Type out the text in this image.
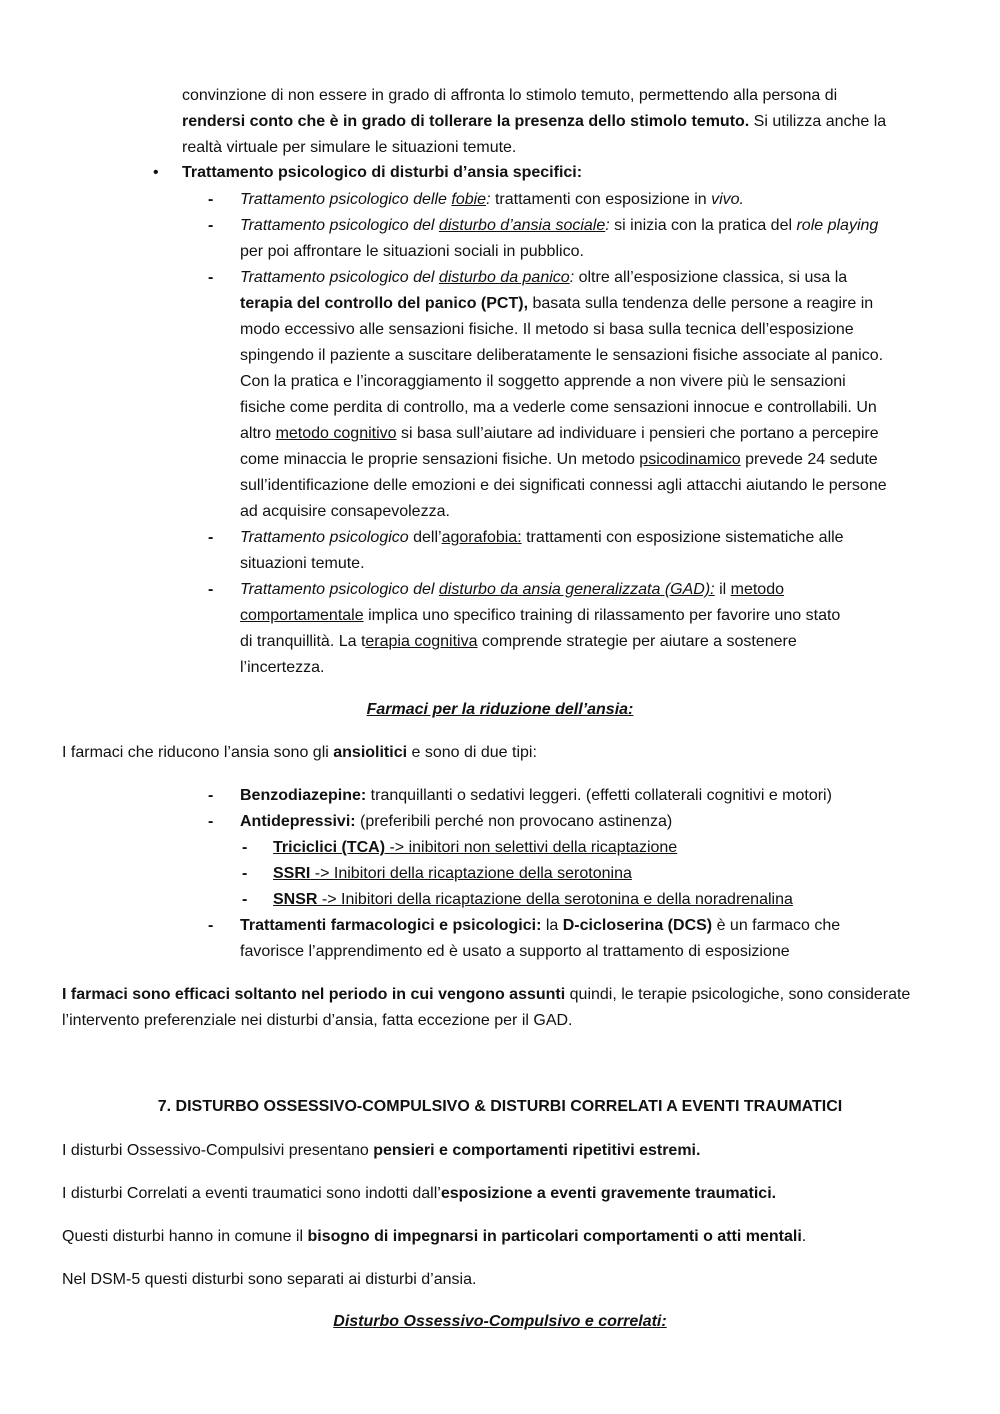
convinzione di non essere in grado di affronta lo stimolo temuto, permettendo alla persona di
rendersi conto che è in grado di tollerare la presenza dello stimolo temuto. Si utilizza anche la
realtà virtuale per simulare le situazioni temute.
• Trattamento psicologico di disturbi d’ansia specifici:
- Trattamento psicologico delle fobie: trattamenti con esposizione in vivo.
- Trattamento psicologico del disturbo d’ansia sociale: si inizia con la pratica del role playing
per poi affrontare le situazioni sociali in pubblico.
- Trattamento psicologico del disturbo da panico: oltre all’esposizione classica, si usa la
terapia del controllo del panico (PCT), basata sulla tendenza delle persone a reagire in
modo eccessivo alle sensazioni fisiche. Il metodo si basa sulla tecnica dell’esposizione
spingendo il paziente a suscitare deliberatamente le sensazioni fisiche associate al panico.
Con la pratica e l’incoraggiamento il soggetto apprende a non vivere più le sensazioni
fisiche come perdita di controllo, ma a vederle come sensazioni innocue e controllabili. Un
altro metodo cognitivo si basa sull’aiutare ad individuare i pensieri che portano a percepire
come minaccia le proprie sensazioni fisiche. Un metodo psicodinamico prevede 24 sedute
sull’identificazione delle emozioni e dei significati connessi agli attacchi aiutando le persone
ad acquisire consapevolezza.
- Trattamento psicologico dell’agorafobia: trattamenti con esposizione sistematiche alle
situazioni temute.
- Trattamento psicologico del disturbo da ansia generalizzata (GAD): il metodo
comportamentale implica uno specifico training di rilassamento per favorire uno stato
di tranquillità. La terapia cognitiva comprende strategie per aiutare a sostenere
l’incertezza.
Farmaci per la riduzione dell’ansia:
I farmaci che riducono l’ansia sono gli ansiolitici e sono di due tipi:
- Benzodiazepine: tranquillanti o sedativi leggeri. (effetti collaterali cognitivi e motori)
- Antidepressivi: (preferibili perché non provocano astinenza)
- Triciclici (TCA) -> inibitori non selettivi della ricaptazione
- SSRI -> Inibitori della ricaptazione della serotonina
- SNSR -> Inibitori della ricaptazione della serotonina e della noradrenalina
- Trattamenti farmacologici e psicologici: la D-cicloserina (DCS) è un farmaco che
favorisce l’apprendimento ed è usato a supporto al trattamento di esposizione
I farmaci sono efficaci soltanto nel periodo in cui vengono assunti quindi, le terapie psicologiche, sono considerate
l’intervento preferenziale nei disturbi d’ansia, fatta eccezione per il GAD.
7. DISTURBO OSSESSIVO-COMPULSIVO & DISTURBI CORRELATI A EVENTI TRAUMATICI
I disturbi Ossessivo-Compulsivi presentano pensieri e comportamenti ripetitivi estremi.
I disturbi Correlati a eventi traumatici sono indotti dall’esposizione a eventi gravemente traumatici.
Questi disturbi hanno in comune il bisogno di impegnarsi in particolari comportamenti o atti mentali.
Nel DSM-5 questi disturbi sono separati ai disturbi d’ansia.
Disturbo Ossessivo-Compulsivo e correlati:
